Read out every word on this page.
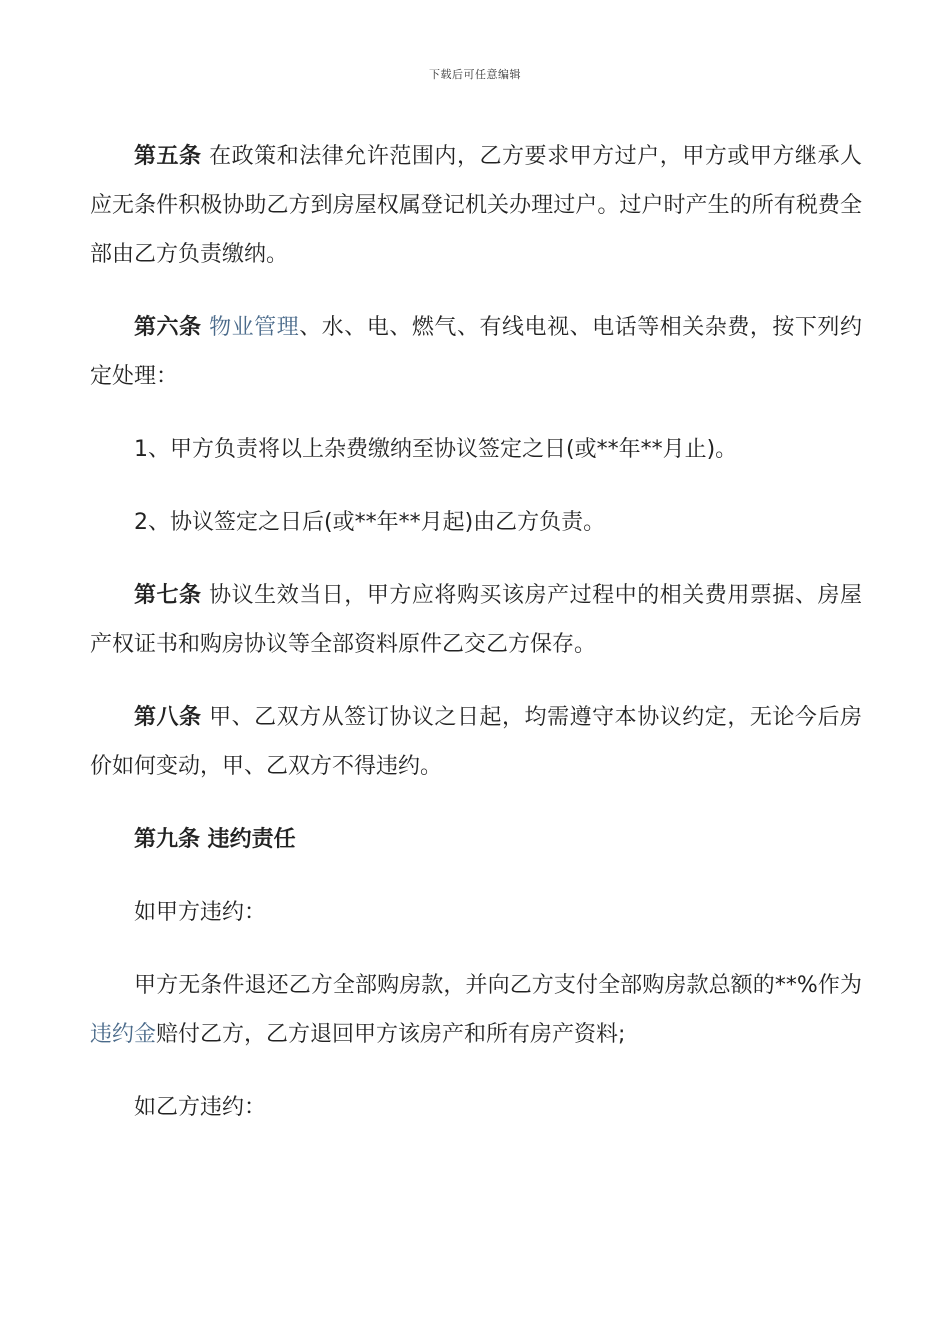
下载后可任意编辑

第五条 在政策和法律允许范围内，乙方要求甲方过户，甲方或甲方继承人应无条件积极协助乙方到房屋权属登记机关办理过户。过户时产生的所有税费全部由乙方负责缴纳。

第六条 物业管理、水、电、燃气、有线电视、电话等相关杂费，按下列约定处理：

1、甲方负责将以上杂费缴纳至协议签定之日(或**年**月止)。

2、协议签定之日后(或**年**月起)由乙方负责。

第七条 协议生效当日，甲方应将购买该房产过程中的相关费用票据、房屋产权证书和购房协议等全部资料原件乙交乙方保存。

第八条 甲、乙双方从签订协议之日起，均需遵守本协议约定，无论今后房价如何变动，甲、乙双方不得违约。

第九条 违约责任

如甲方违约：

甲方无条件退还乙方全部购房款，并向乙方支付全部购房款总额的**%作为违约金赔付乙方，乙方退回甲方该房产和所有房产资料;

如乙方违约：
